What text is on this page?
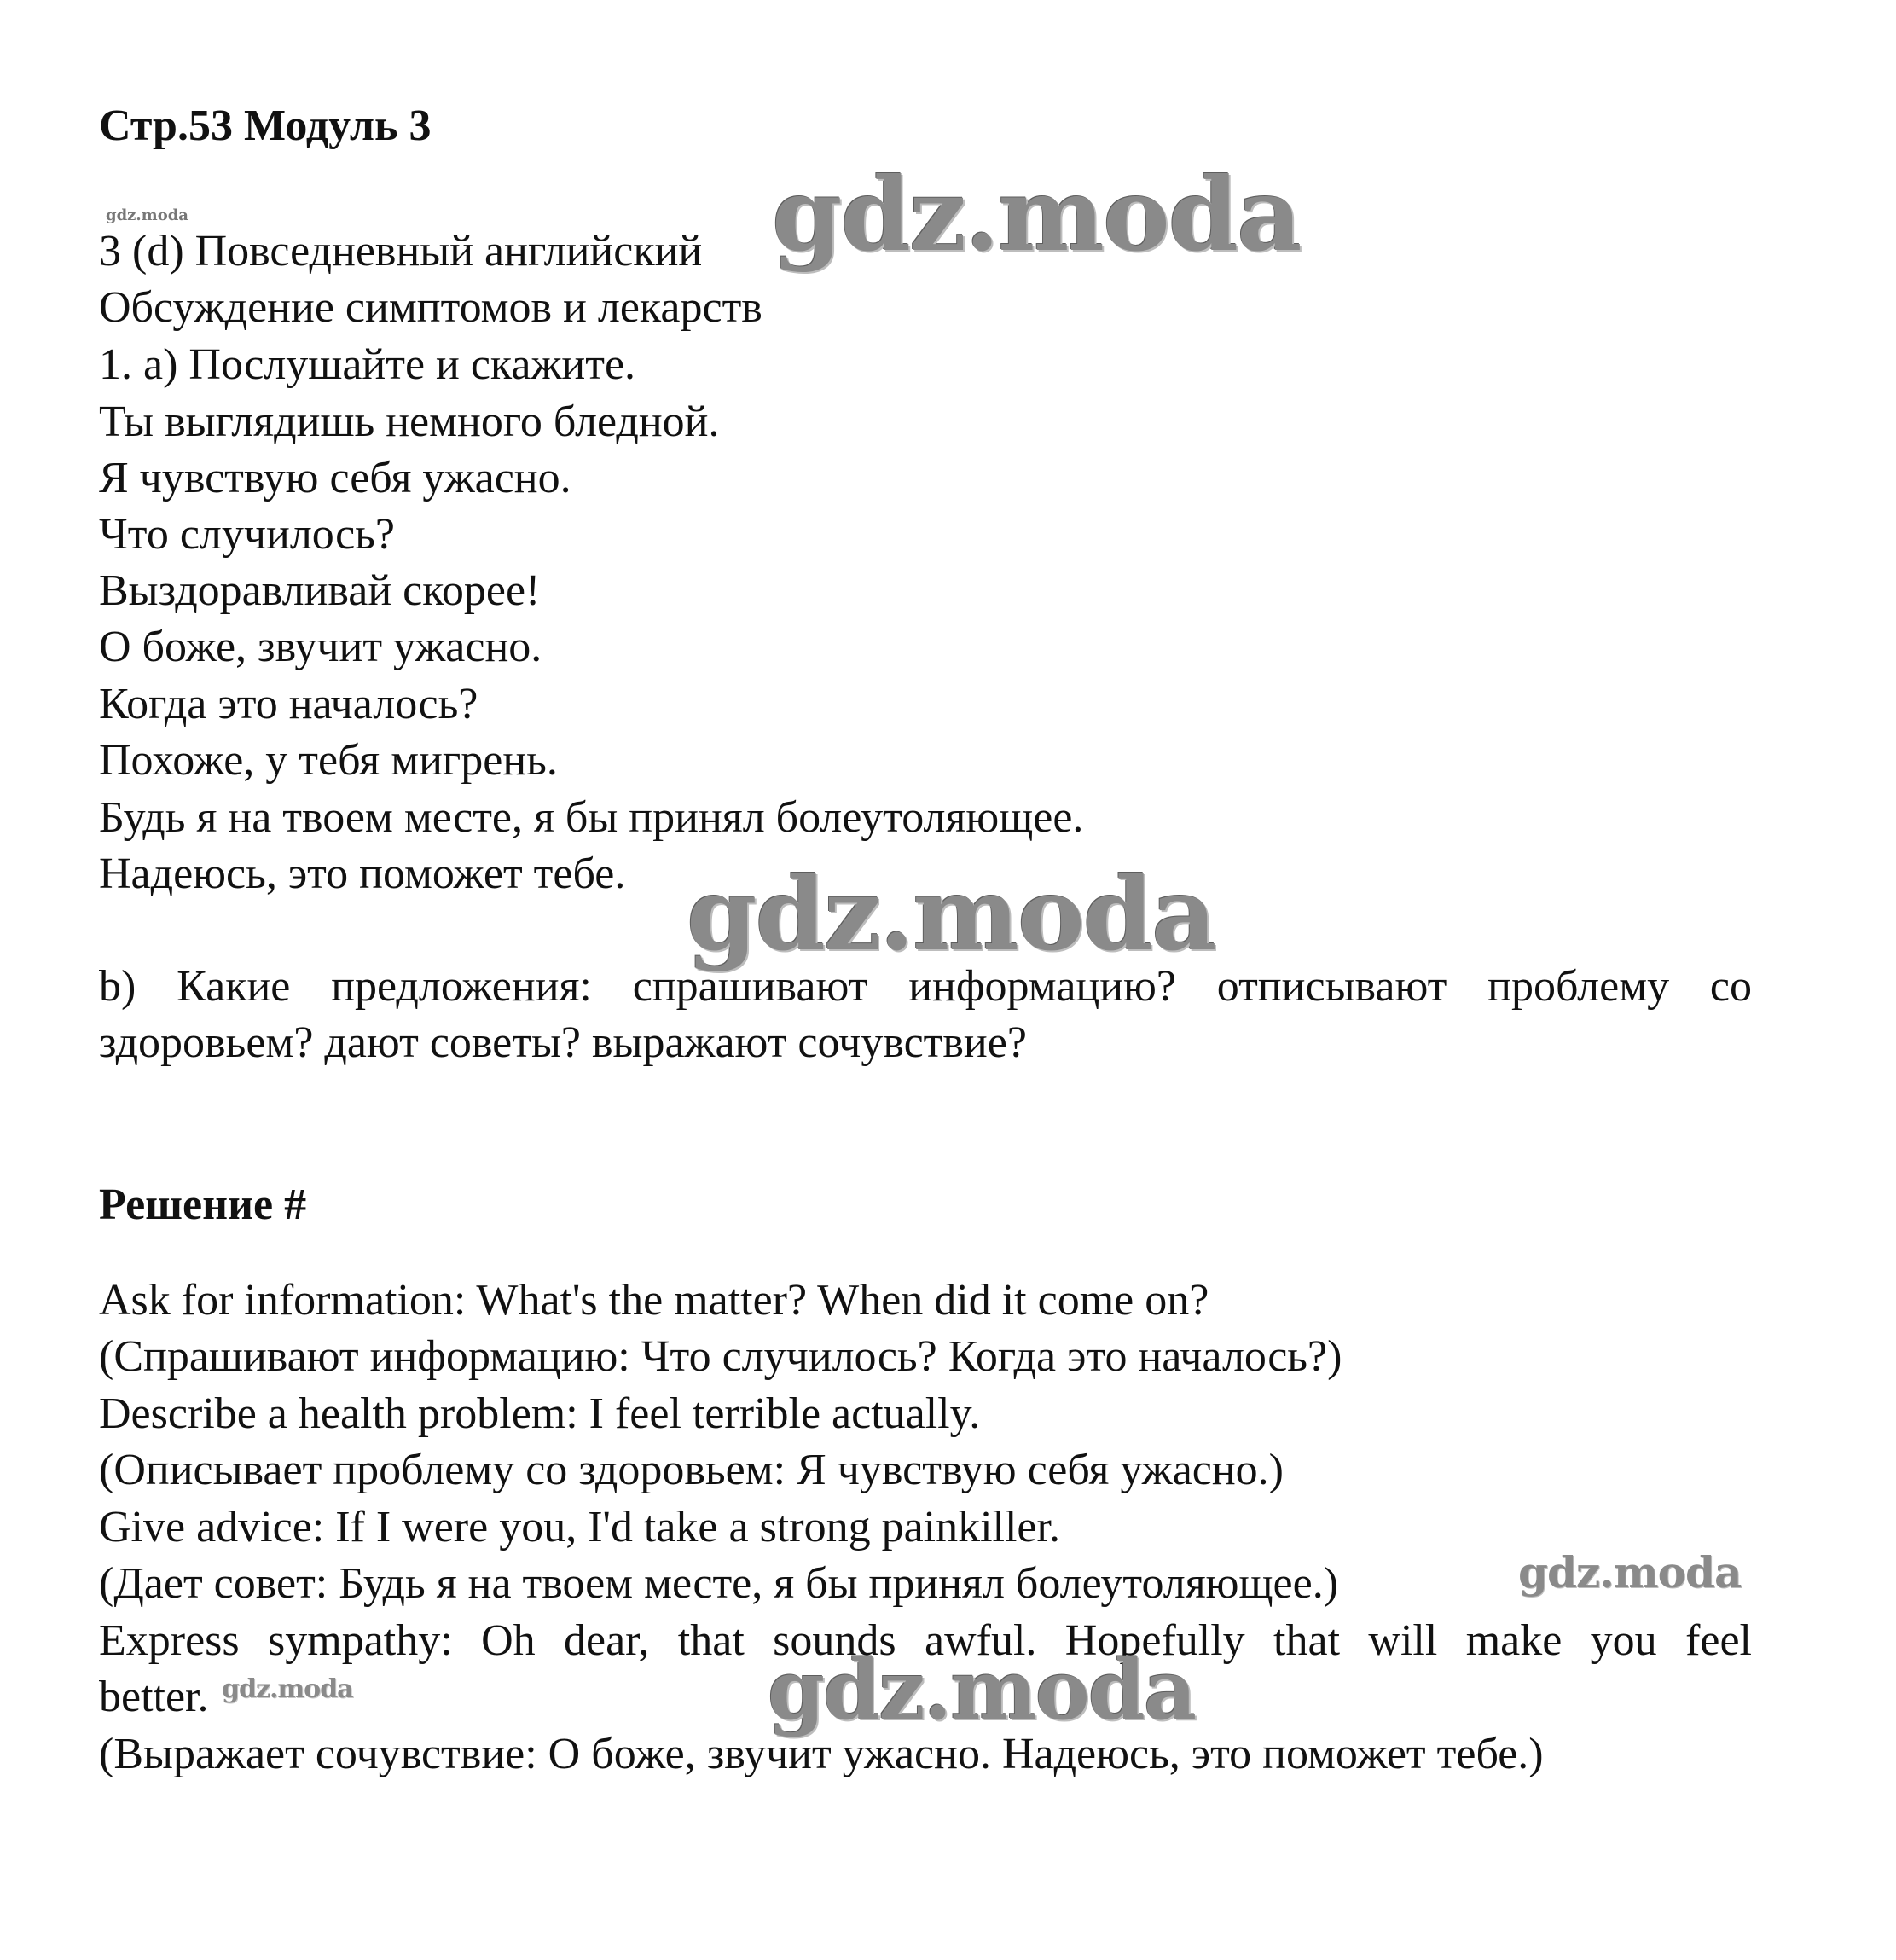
Стр.53 Модуль 3
3 (d) Повседневный английский
Обсуждение симптомов и лекарств
1. a) Послушайте и скажите.
Ты выглядишь немного бледной.
Я чувствую себя ужасно.
Что случилось?
Выздоравливай скорее!
О боже, звучит ужасно.
Когда это началось?
Похоже, у тебя мигрень.
Будь я на твоем месте, я бы принял болеутоляющее.
Надеюсь, это поможет тебе.
b) Какие предложения: спрашивают информацию? отписывают проблему со
здоровьем? дают советы? выражают сочувствие?
Решение #
Ask for information: What's the matter? When did it come on?
(Спрашивают информацию: Что случилось? Когда это началось?)
Describe a health problem: I feel terrible actually.
(Описывает проблему со здоровьем: Я чувствую себя ужасно.)
Give advice: If I were you, I'd take a strong painkiller.
(Дает совет: Будь я на твоем месте, я бы принял болеутоляющее.)
Express sympathy: Oh dear, that sounds awful. Hopefully that will make you feel
better.
(Выражает сочувствие: О боже, звучит ужасно. Надеюсь, это поможет тебе.)
gdz.moda	gdz.moda
gdz.moda
gdz.moda
gdz.moda	gdz.moda
